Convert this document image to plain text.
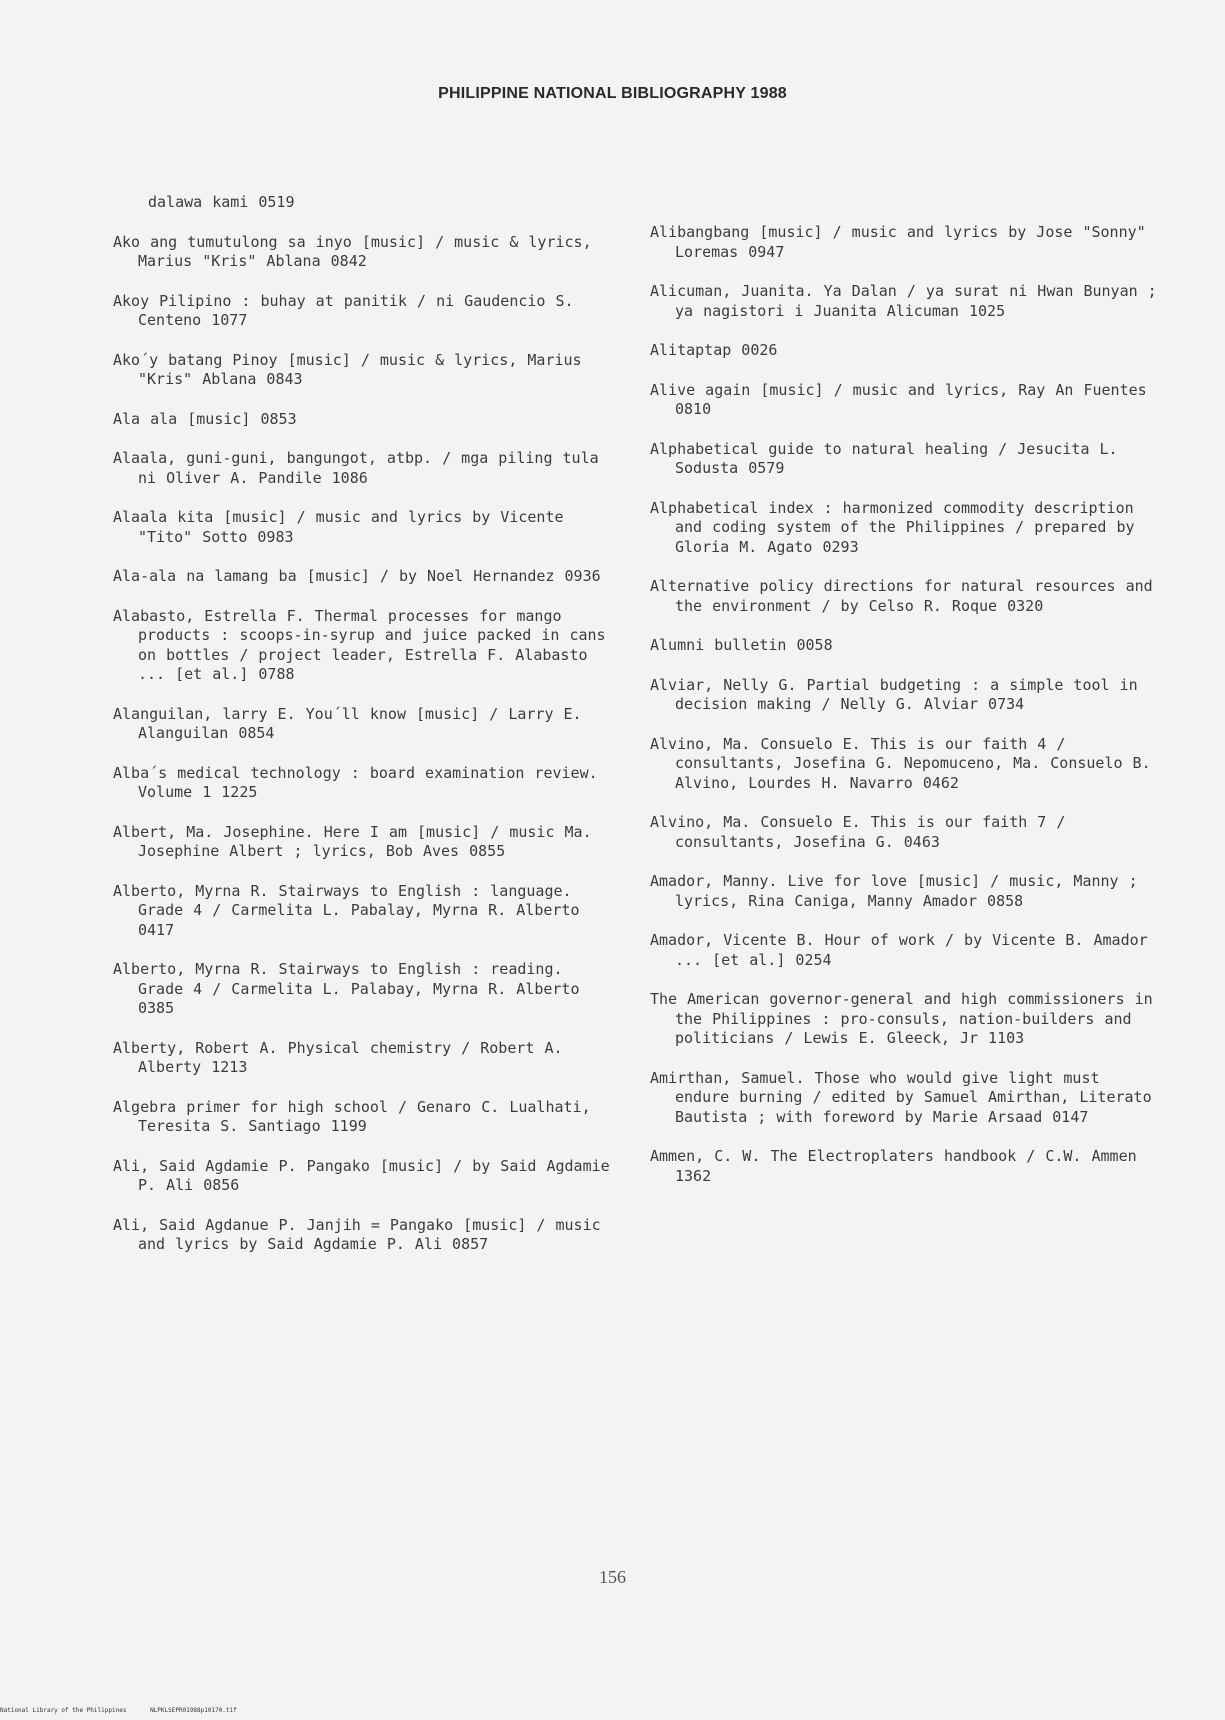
PHILIPPINE NATIONAL BIBLIOGRAPHY 1988
dalawa kami 0519
Ako ang tumutulong sa inyo [music] / music & lyrics, Marius "Kris" Ablana 0842
Akoy Pilipino : buhay at panitik / ni Gaudencio S. Centeno 1077
Ako´y batang Pinoy [music] / music & lyrics, Marius "Kris" Ablana 0843
Ala ala [music] 0853
Alaala, guni-guni, bangungot, atbp. / mga piling tula ni Oliver A. Pandile 1086
Alaala kita [music] / music and lyrics by Vicente "Tito" Sotto 0983
Ala-ala na lamang ba [music] / by Noel Hernandez 0936
Alabasto, Estrella F. Thermal processes for mango products : scoops-in-syrup and juice packed in cans on bottles / project leader, Estrella F. Alabasto ... [et al.] 0788
Alanguilan, larry E. You´ll know [music] / Larry E. Alanguilan 0854
Alba´s medical technology : board examination review. Volume 1 1225
Albert, Ma. Josephine. Here I am [music] / music Ma. Josephine Albert ; lyrics, Bob Aves 0855
Alberto, Myrna R. Stairways to English : language. Grade 4 / Carmelita L. Pabalay, Myrna R. Alberto 0417
Alberto, Myrna R. Stairways to English : reading. Grade 4 / Carmelita L. Palabay, Myrna R. Alberto 0385
Alberty, Robert A. Physical chemistry / Robert A. Alberty 1213
Algebra primer for high school / Genaro C. Lualhati, Teresita S. Santiago 1199
Ali, Said Agdamie P. Pangako [music] / by Said Agdamie P. Ali 0856
Ali, Said Agdanue P. Janjih = Pangako [music] / music and lyrics by Said Agdamie P. Ali 0857
Alibangbang [music] / music and lyrics by Jose "Sonny" Loremas 0947
Alicuman, Juanita. Ya Dalan / ya surat ni Hwan Bunyan ; ya nagistori i Juanita Alicuman 1025
Alitaptap 0026
Alive again [music] / music and lyrics, Ray An Fuentes 0810
Alphabetical guide to natural healing / Jesucita L. Sodusta 0579
Alphabetical index : harmonized commodity description and coding system of the Philippines / prepared by Gloria M. Agato 0293
Alternative policy directions for natural resources and the environment / by Celso R. Roque 0320
Alumni bulletin 0058
Alviar, Nelly G. Partial budgeting : a simple tool in decision making / Nelly G. Alviar 0734
Alvino, Ma. Consuelo E. This is our faith 4 / consultants, Josefina G. Nepomuceno, Ma. Consuelo B. Alvino, Lourdes H. Navarro 0462
Alvino, Ma. Consuelo E. This is our faith 7 / consultants, Josefina G. 0463
Amador, Manny. Live for love [music] / music, Manny ; lyrics, Rina Caniga, Manny Amador 0858
Amador, Vicente B. Hour of work / by Vicente B. Amador ... [et al.] 0254
The American governor-general and high commissioners in the Philippines : pro-consuls, nation-builders and politicians / Lewis E. Gleeck, Jr 1103
Amirthan, Samuel. Those who would give light must endure burning / edited by Samuel Amirthan, Literato Bautista ; with foreword by Marie Arsaad 0147
Ammen, C. W. The Electroplaters handbook / C.W. Ammen 1362
156
National Library of the Philippines	NLPKLSEPR01988p10170.tif
